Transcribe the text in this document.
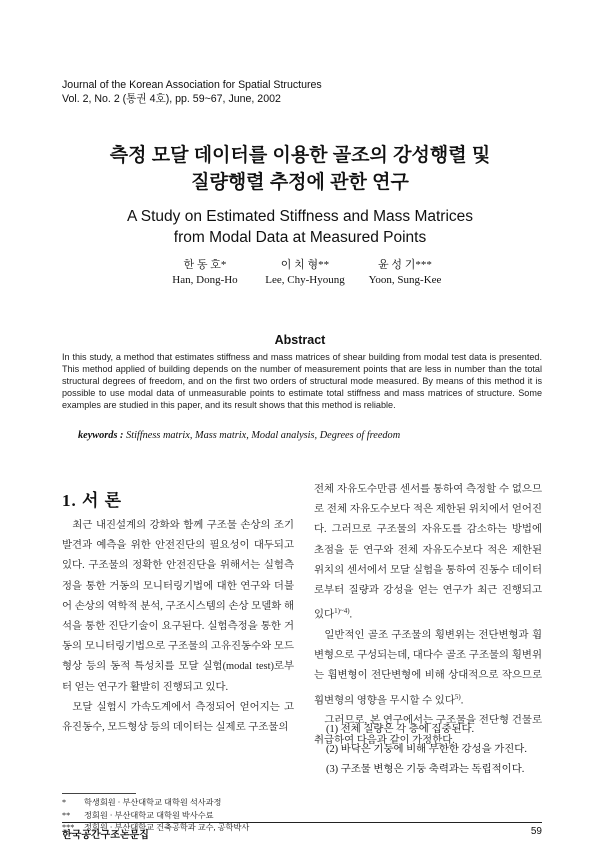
Journal of the Korean Association for Spatial Structures
Vol. 2, No. 2 (통권 4호), pp. 59~67, June, 2002
측정 모달 데이터를 이용한 골조의 강성행렬 및
질량행렬 추정에 관한 연구
A Study on Estimated Stiffness and Mass Matrices
from Modal Data at Measured Points
한 동 호*
Han, Dong-Ho
이 치 형**
Lee, Chy-Hyoung
윤 성 기***
Yoon, Sung-Kee
Abstract
In this study, a method that estimates stiffness and mass matrices of shear building from modal test data is presented. This method applied of building depends on the number of measurement points that are less in number than the total structural degrees of freedom, and on the first two orders of structural mode measured. By means of this method it is possible to use modal data of unmeasurable points to estimate total stiffness and mass matrices of structure. Some examples are studied in this paper, and its result shows that this method is reliable.
keywords : Stiffness matrix, Mass matrix, Modal analysis, Degrees of freedom
1. 서 론

최근 내진설계의 강화와 함께 구조물 손상의 조기 발견과 예측을 위한 안전진단의 필요성이 대두되고 있다. 구조물의 정확한 안전진단을 위해서는 실험측정을 통한 거동의 모니터링기법에 대한 연구와 더불어 손상의 역학적 분석, 구조시스템의 손상 모델화 해석을 통한 진단기술이 요구된다. 실험측정을 통한 거동의 모니터링기법으로 구조물의 고유진동수와 모드형상 등의 동적 특성치를 모달 실험(modal test)로부터 얻는 연구가 활발히 진행되고 있다.

모달 실험시 가속도계에서 측정되어 얻어지는 고유진동수, 모드형상 등의 데이터는 실제로 구조물의

전체 자유도수만큼 센서를 통하여 측정할 수 없으므로 전체 자유도수보다 적은 제한된 위치에서 얻어진다. 그러므로 구조물의 자유도를 감소하는 방법에 초점을 둔 연구와 전체 자유도수보다 적은 제한된 위치의 센서에서 모달 실험을 통하여 진동수 데이터로부터 질량과 강성을 얻는 연구가 최근 진행되고 있다$^{1)\sim 4)}$.

일반적인 골조 구조물의 횡변위는 전단변형과 휨변형으로 구성되는데, 대다수 골조 구조물의 횡변위는 휨변형이 전단변형에 비해 상대적으로 작으므로 휨변형의 영향을 무시할 수 있다$^{5)}$.

그러므로, 본 연구에서는 구조물을 전단형 건물로 취급하여 다음과 같이 가정한다.

(1) 전체 질량은 각 층에 집중된다.
(2) 바닥은 기둥에 비해 무한한 강성을 가진다.
(3) 구조물 변형은 기둥 축력과는 독립적이다.
*	학생회원 · 부산대학교 대학원 석사과정
**	정회원 · 부산대학교 대학원 박사수료
***	정회원 · 부산대학교 건축공학과 교수, 공학박사
한국공간구조논문집	59
